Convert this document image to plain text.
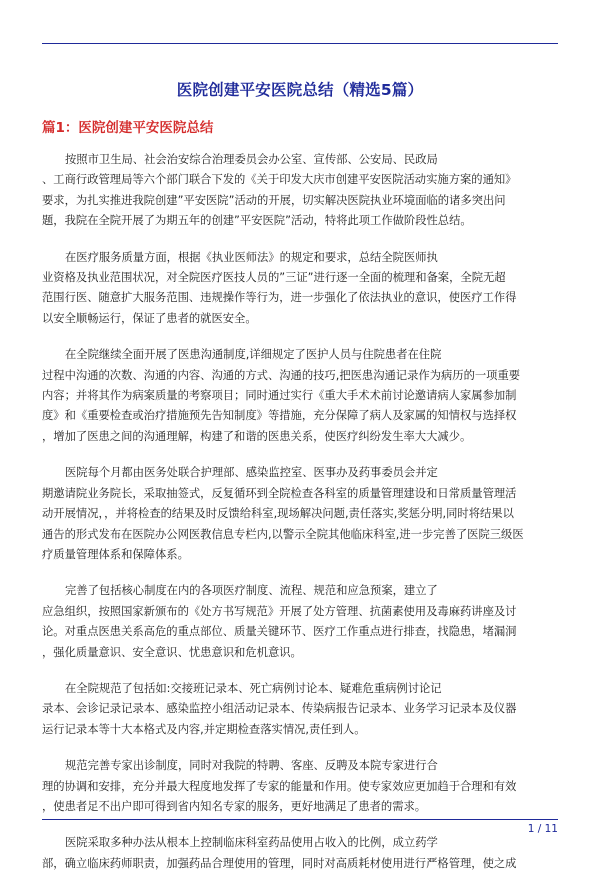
医院创建平安医院总结（精选5篇）
篇1：医院创建平安医院总结

按照市卫生局、社会治安综合治理委员会办公室、宣传部、公安局、民政局
、工商行政管理局等六个部门联合下发的《关于印发大庆市创建平安医院活动实施方案的通知》
要求，为扎实推进我院创建”平安医院”活动的开展，切实解决医院执业环境面临的诸多突出问
题，我院在全院开展了为期五年的创建”平安医院”活动，特将此项工作做阶段性总结。

在医疗服务质量方面，根据《执业医师法》的规定和要求，总结全院医师执
业资格及执业范围状况，对全院医疗医技人员的”三证”进行逐一全面的梳理和备案，全院无超
范围行医、随意扩大服务范围、违规操作等行为，进一步强化了依法执业的意识，使医疗工作得
以安全顺畅运行，保证了患者的就医安全。

在全院继续全面开展了医患沟通制度,详细规定了医护人员与住院患者在住院
过程中沟通的次数、沟通的内容、沟通的方式、沟通的技巧,把医患沟通记录作为病历的一项重要
内容；并将其作为病案质量的考察项目；同时通过实行《重大手术术前讨论邀请病人家属参加制
度》和《重要检查或治疗措施预先告知制度》等措施，充分保障了病人及家属的知情权与选择权
，增加了医患之间的沟通理解，构建了和谐的医患关系，使医疗纠纷发生率大大减少。

医院每个月都由医务处联合护理部、感染监控室、医事办及药事委员会并定
期邀请院业务院长，采取抽签式，反复循环到全院检查各科室的质量管理建设和日常质量管理活
动开展情况，，并将检查的结果及时反馈给科室,现场解决问题,责任落实,奖惩分明,同时将结果以
通告的形式发布在医院办公网医教信息专栏内,以警示全院其他临床科室,进一步完善了医院三级医
疗质量管理体系和保障体系。

完善了包括核心制度在内的各项医疗制度、流程、规范和应急预案，建立了
应急组织，按照国家新颁布的《处方书写规范》开展了处方管理、抗菌素使用及毒麻药讲座及讨
论。对重点医患关系高危的重点部位、质量关键环节、医疗工作重点进行排查，找隐患，堵漏洞
，强化质量意识、安全意识、忧患意识和危机意识。

在全院规范了包括如:交接班记录本、死亡病例讨论本、疑难危重病例讨论记
录本、会诊记录记录本、感染监控小组活动记录本、传染病报告记录本、业务学习记录本及仪器
运行记录本等十大本格式及内容,并定期检查落实情况,责任到人。

规范完善专家出诊制度，同时对我院的特聘、客座、反聘及本院专家进行合
理的协调和安排，充分并最大程度地发挥了专家的能量和作用。使专家效应更加趋于合理和有效
，使患者足不出户即可得到省内知名专家的服务，更好地满足了患者的需求。

医院采取多种办法从根本上控制临床科室药品使用占收入的比例，成立药学
部，确立临床药师职责，加强药品合理使用的管理，同时对高质耗材使用进行严格管理，使之成

1 / 11
